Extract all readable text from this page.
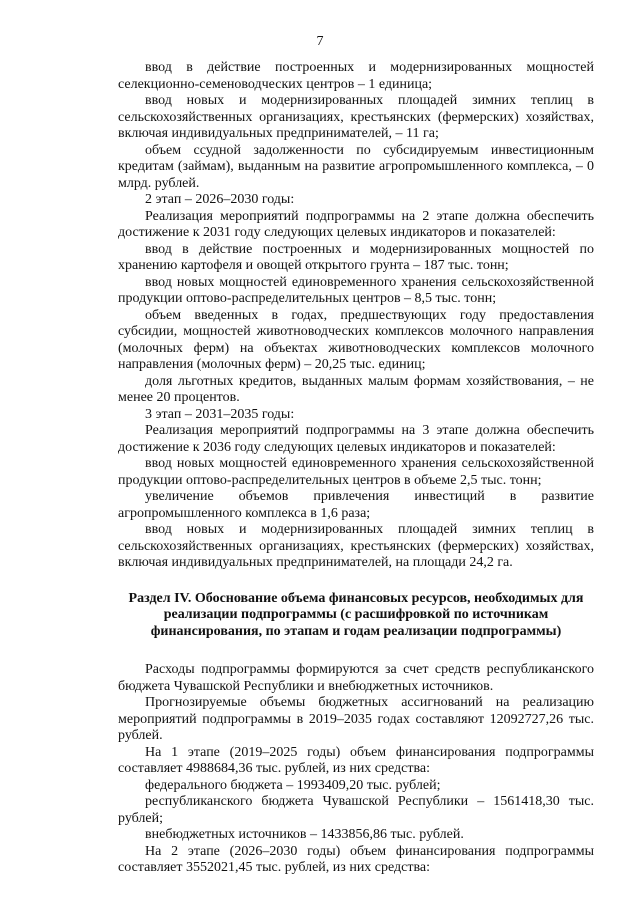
7

ввод в действие построенных и модернизированных мощностей селекционно-семеноводческих центров – 1 единица;

ввод новых и модернизированных площадей зимних теплиц в сельскохозяйственных организациях, крестьянских (фермерских) хозяйствах, включая индивидуальных предпринимателей, – 11 га;

объем ссудной задолженности по субсидируемым инвестиционным кредитам (займам), выданным на развитие агропромышленного комплекса, – 0 млрд. рублей.

2 этап – 2026–2030 годы:

Реализация мероприятий подпрограммы на 2 этапе должна обеспечить достижение к 2031 году следующих целевых индикаторов и показателей:

ввод в действие построенных и модернизированных мощностей по хранению картофеля и овощей открытого грунта – 187 тыс. тонн;

ввод новых мощностей единовременного хранения сельскохозяйственной продукции оптово-распределительных центров – 8,5 тыс. тонн;

объем введенных в годах, предшествующих году предоставления субсидии, мощностей животноводческих комплексов молочного направления (молочных ферм) на объектах животноводческих комплексов молочного направления (молочных ферм) – 20,25 тыс. единиц;

доля льготных кредитов, выданных малым формам хозяйствования, – не менее 20 процентов.

3 этап – 2031–2035 годы:

Реализация мероприятий подпрограммы на 3 этапе должна обеспечить достижение к 2036 году следующих целевых индикаторов и показателей:

ввод новых мощностей единовременного хранения сельскохозяйственной продукции оптово-распределительных центров в объеме 2,5 тыс. тонн;

увеличение объемов привлечения инвестиций в развитие агропромышленного комплекса в 1,6 раза;

ввод новых и модернизированных площадей зимних теплиц в сельскохозяйственных организациях, крестьянских (фермерских) хозяйствах, включая индивидуальных предпринимателей, на площади 24,2 га.

Раздел IV. Обоснование объема финансовых ресурсов, необходимых для реализации подпрограммы (с расшифровкой по источникам финансирования, по этапам и годам реализации подпрограммы)

Расходы подпрограммы формируются за счет средств республиканского бюджета Чувашской Республики и внебюджетных источников.

Прогнозируемые объемы бюджетных ассигнований на реализацию мероприятий подпрограммы в 2019–2035 годах составляют 12092727,26 тыс. рублей.

На 1 этапе (2019–2025 годы) объем финансирования подпрограммы составляет 4988684,36 тыс. рублей, из них средства:

федерального бюджета – 1993409,20 тыс. рублей;

республиканского бюджета Чувашской Республики – 1561418,30 тыс. рублей;

внебюджетных источников – 1433856,86 тыс. рублей.

На 2 этапе (2026–2030 годы) объем финансирования подпрограммы составляет 3552021,45 тыс. рублей, из них средства:
